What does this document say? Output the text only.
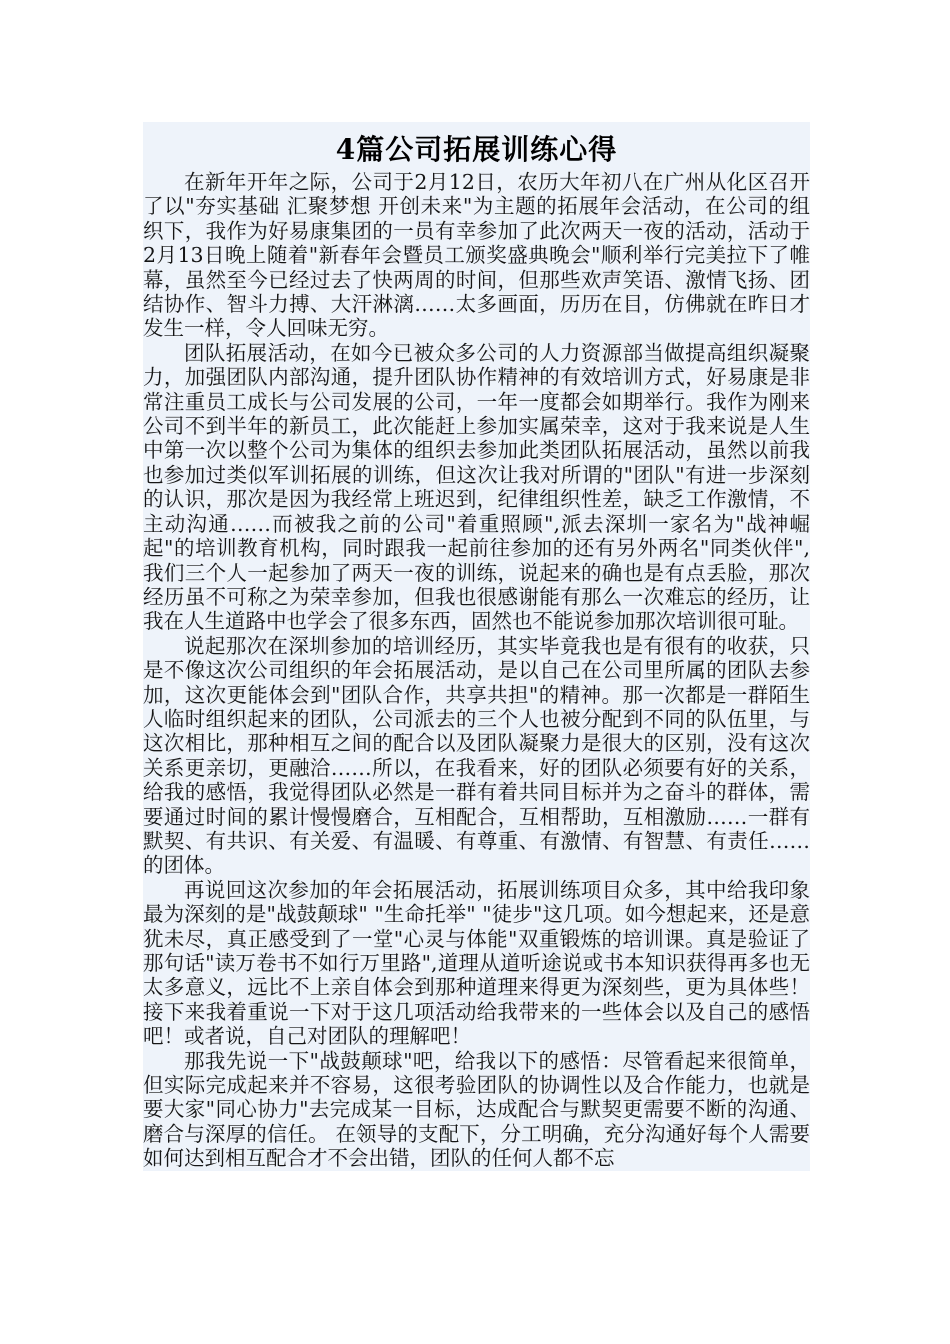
4篇公司拓展训练心得

在新年开年之际，公司于2月12日，农历大年初八在广州从化区召开了以"夯实基础 汇聚梦想 开创未来"为主题的拓展年会活动，在公司的组织下，我作为好易康集团的一员有幸参加了此次两天一夜的活动，活动于2月13日晚上随着"新春年会暨员工颁奖盛典晚会"顺利举行完美拉下了帷幕，虽然至今已经过去了快两周的时间，但那些欢声笑语、激情飞扬、团结协作、智斗力搏、大汗淋漓……太多画面，历历在目，仿佛就在昨日才发生一样，令人回味无穷。

团队拓展活动，在如今已被众多公司的人力资源部当做提高组织凝聚力，加强团队内部沟通，提升团队协作精神的有效培训方式，好易康是非常注重员工成长与公司发展的公司，一年一度都会如期举行。我作为刚来公司不到半年的新员工，此次能赶上参加实属荣幸，这对于我来说是人生中第一次以整个公司为集体的组织去参加此类团队拓展活动，虽然以前我也参加过类似军训拓展的训练，但这次让我对所谓的"团队"有进一步深刻的认识，那次是因为我经常上班迟到，纪律组织性差，缺乏工作激情，不主动沟通……而被我之前的公司"着重照顾",派去深圳一家名为"战神崛起"的培训教育机构，同时跟我一起前往参加的还有另外两名"同类伙伴",我们三个人一起参加了两天一夜的训练，说起来的确也是有点丢脸，那次经历虽不可称之为荣幸参加，但我也很感谢能有那么一次难忘的经历，让我在人生道路中也学会了很多东西，固然也不能说参加那次培训很可耻。

说起那次在深圳参加的培训经历，其实毕竟我也是有很有的收获，只是不像这次公司组织的年会拓展活动，是以自己在公司里所属的团队去参加，这次更能体会到"团队合作，共享共担"的精神。那一次都是一群陌生人临时组织起来的团队，公司派去的三个人也被分配到不同的队伍里，与这次相比，那种相互之间的配合以及团队凝聚力是很大的区别，没有这次关系更亲切，更融洽……所以，在我看来，好的团队必须要有好的关系，给我的感悟，我觉得团队必然是一群有着共同目标并为之奋斗的群体，需要通过时间的累计慢慢磨合，互相配合，互相帮助，互相激励……一群有默契、有共识、有关爱、有温暖、有尊重、有激情、有智慧、有责任……的团体。

再说回这次参加的年会拓展活动，拓展训练项目众多，其中给我印象最为深刻的是"战鼓颠球" "生命托举" "徒步"这几项。如今想起来，还是意犹未尽，真正感受到了一堂"心灵与体能"双重锻炼的培训课。真是验证了那句话"读万卷书不如行万里路",道理从道听途说或书本知识获得再多也无太多意义，远比不上亲自体会到那种道理来得更为深刻些，更为具体些！接下来我着重说一下对于这几项活动给我带来的一些体会以及自己的感悟吧！或者说，自己对团队的理解吧！

那我先说一下"战鼓颠球"吧，给我以下的感悟：尽管看起来很简单，但实际完成起来并不容易，这很考验团队的协调性以及合作能力，也就是要大家"同心协力"去完成某一目标，达成配合与默契更需要不断的沟通、磨合与深厚的信任。 在领导的支配下，分工明确，充分沟通好每个人需要如何达到相互配合才不会出错，团队的任何人都不忘
